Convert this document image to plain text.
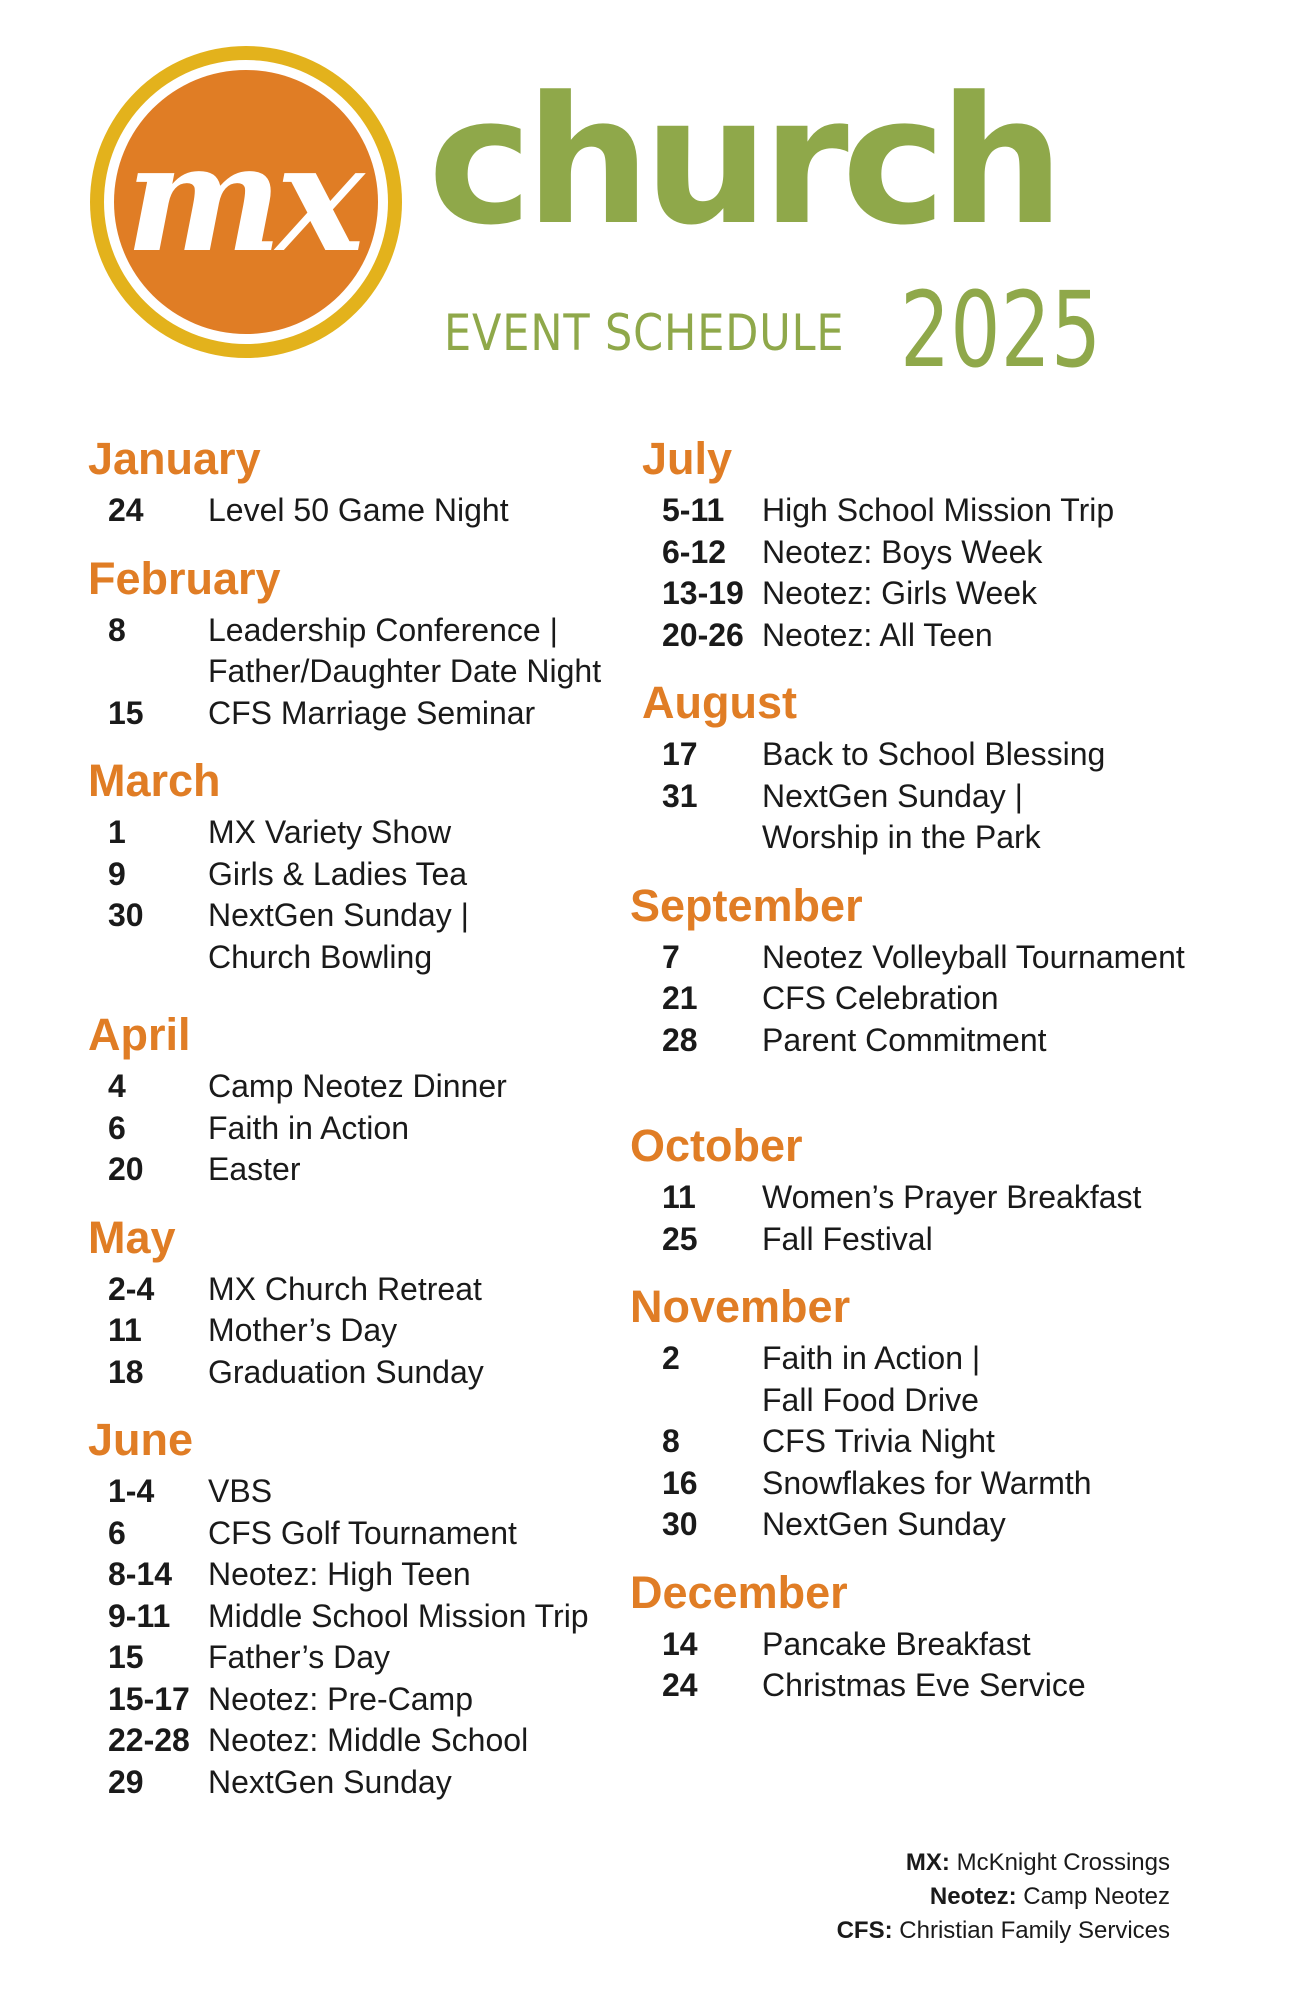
mx church
EVENT SCHEDULE 2025
January
24	Level 50 Game Night
February
8	Leadership Conference |
Father/Daughter Date Night
15	CFS Marriage Seminar
March
1	MX Variety Show
9	Girls & Ladies Tea
30	NextGen Sunday |
Church Bowling
April
4	Camp Neotez Dinner
6	Faith in Action
20	Easter
May
2-4	MX Church Retreat
11	Mother’s Day
18	Graduation Sunday
June
1-4	VBS
6	CFS Golf Tournament
8-14	Neotez: High Teen
9-11	Middle School Mission Trip
15	Father’s Day
15-17 Neotez: Pre-Camp
22-28 Neotez: Middle School
29	NextGen Sunday
July
5-11	High School Mission Trip
6-12	Neotez: Boys Week
13-19 Neotez: Girls Week
20-26 Neotez: All Teen
August
17	Back to School Blessing
31	NextGen Sunday |
Worship in the Park
September
7	Neotez Volleyball Tournament
21	CFS Celebration
28	Parent Commitment
October
11	Women’s Prayer Breakfast
25	Fall Festival
November
2	Faith in Action |
Fall Food Drive
8	CFS Trivia Night
16	Snowflakes for Warmth
30	NextGen Sunday
December
14	Pancake Breakfast
24	Christmas Eve Service
MX: McKnight Crossings
Neotez: Camp Neotez
CFS: Christian Family Services
